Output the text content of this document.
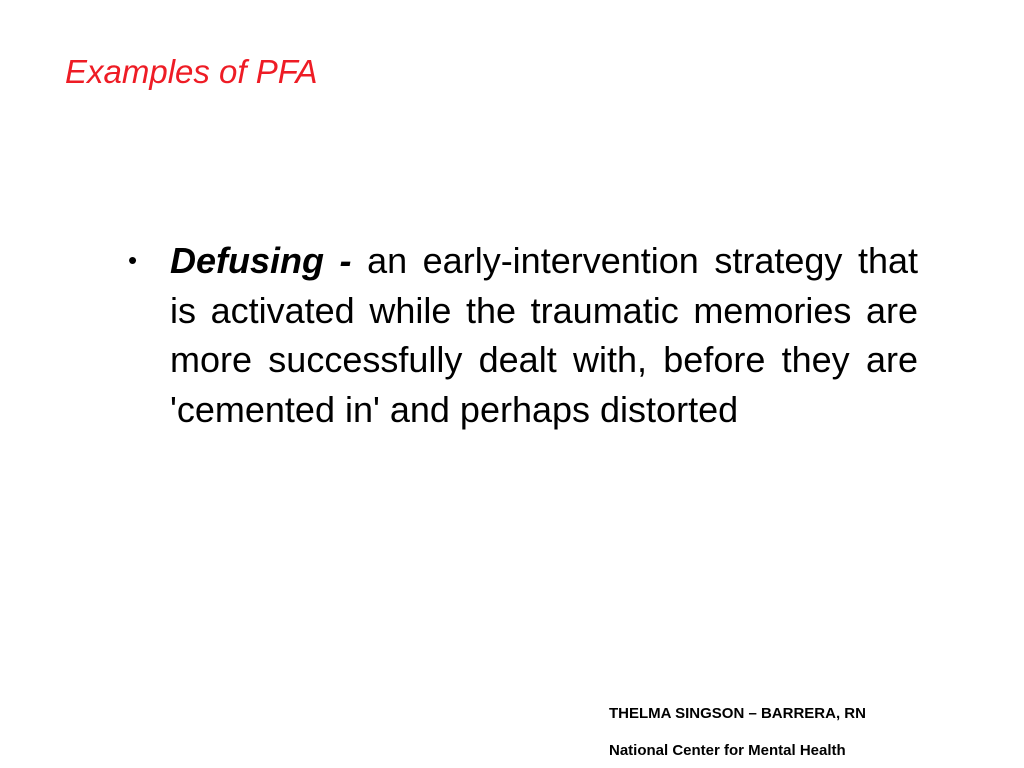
Examples of PFA
• Defusing - an early-intervention strategy that is activated while the traumatic memories are more successfully dealt with, before they are 'cemented in' and perhaps distorted
THELMA SINGSON – BARRERA, RN
National Center for Mental Health
